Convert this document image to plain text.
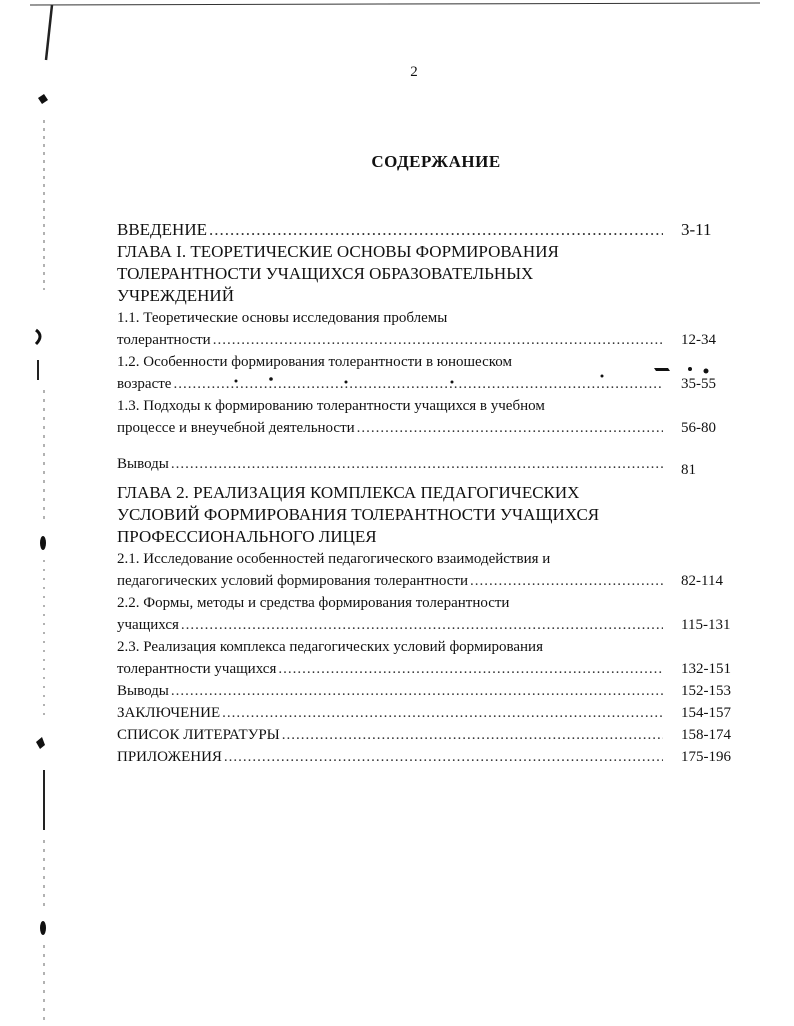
2
СОДЕРЖАНИЕ
ВВЕДЕНИЕ .....	3-11
ГЛАВА I. ТЕОРЕТИЧЕСКИЕ ОСНОВЫ ФОРМИРОВАНИЯ
ТОЛЕРАНТНОСТИ УЧАЩИХСЯ ОБРАЗОВАТЕЛЬНЫХ
УЧРЕЖДЕНИЙ
1.1. Теоретические основы исследования проблемы
толерантности .....	12-34
1.2. Особенности формирования толерантности в юношеском
возрасте .....	35-55
1.3. Подходы к формированию толерантности учащихся в учебном
процессе и внеучебной деятельности .....	56-80
Выводы .....	81
ГЛАВА 2. РЕАЛИЗАЦИЯ КОМПЛЕКСА ПЕДАГОГИЧЕСКИХ
УСЛОВИЙ ФОРМИРОВАНИЯ ТОЛЕРАНТНОСТИ УЧАЩИХСЯ
ПРОФЕССИОНАЛЬНОГО ЛИЦЕЯ
2.1. Исследование особенностей педагогического взаимодействия и
педагогических условий формирования толерантности .....	82-114
2.2. Формы, методы и средства формирования толерантности
учащихся .....	115-131
2.3. Реализация комплекса педагогических условий формирования
толерантности учащихся .....	132-151
Выводы .....	152-153
ЗАКЛЮЧЕНИЕ .....	154-157
СПИСОК ЛИТЕРАТУРЫ .....	158-174
ПРИЛОЖЕНИЯ .....	175-196
